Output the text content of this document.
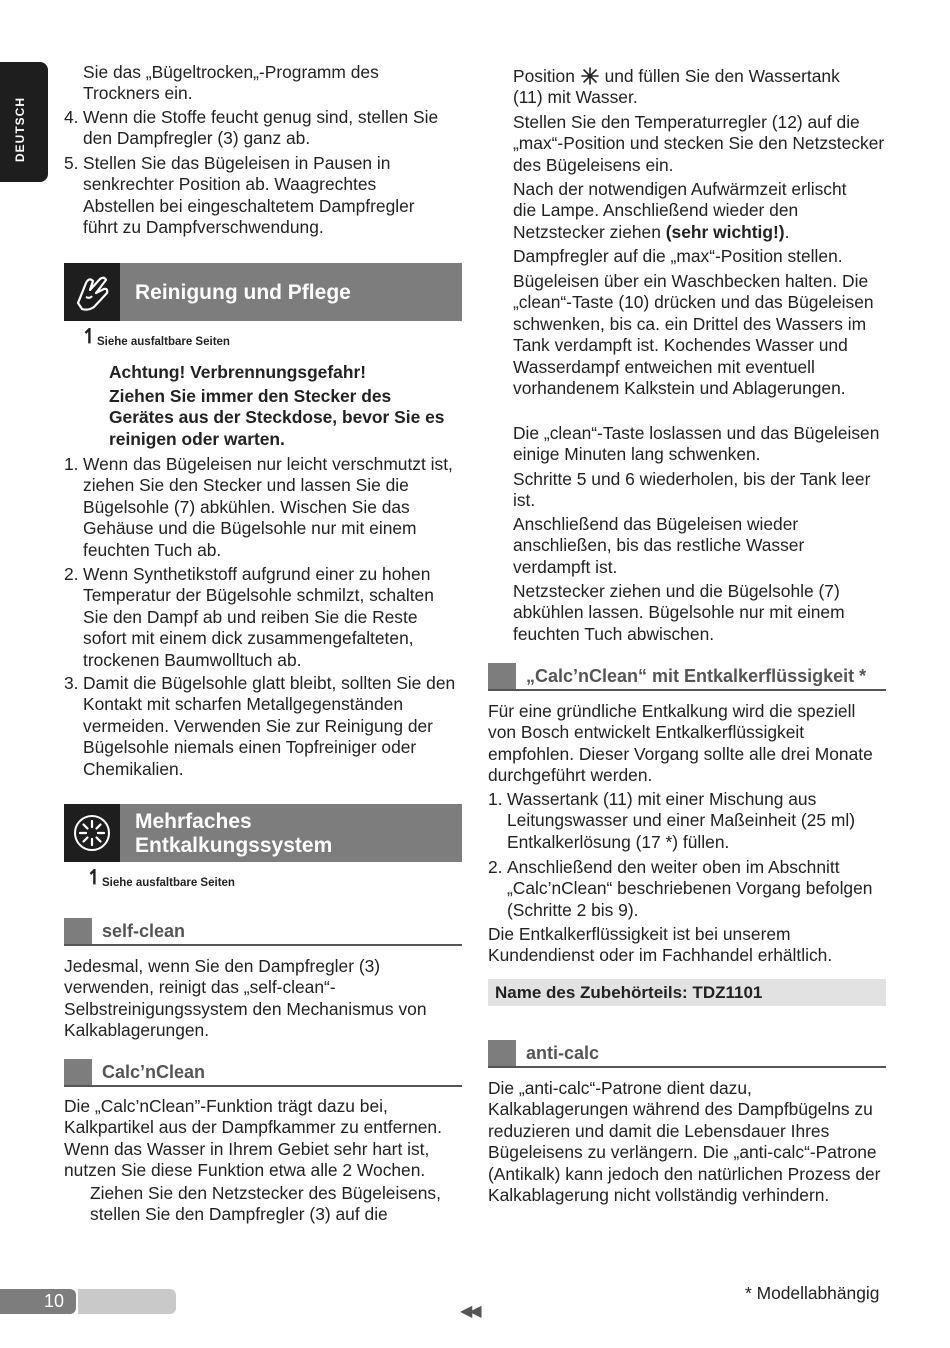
DEUTSCH

Sie das „Bügeltrocken„-Programm des Trockners ein.

4. Wenn die Stoffe feucht genug sind, stellen Sie den Dampfregler (3) ganz ab.

5. Stellen Sie das Bügeleisen in Pausen in senkrechter Position ab. Waagrechtes Abstellen bei eingeschaltetem Dampfregler führt zu Dampfverschwendung.

Reinigung und Pflege
↿ Siehe ausfaltbare Seiten

Achtung! Verbrennungsgefahr!

Ziehen Sie immer den Stecker des Gerätes aus der Steckdose, bevor Sie es reinigen oder warten.

1. Wenn das Bügeleisen nur leicht verschmutzt ist, ziehen Sie den Stecker und lassen Sie die Bügelsohle (7) abkühlen. Wischen Sie das Gehäuse und die Bügelsohle nur mit einem feuchten Tuch ab.

2. Wenn Synthetikstoff aufgrund einer zu hohen Temperatur der Bügelsohle schmilzt, schalten Sie den Dampf ab und reiben Sie die Reste sofort mit einem dick zusammengefalteten, trockenen Baumwolltuch ab.

3. Damit die Bügelsohle glatt bleibt, sollten Sie den Kontakt mit scharfen Metallgegenständen vermeiden. Verwenden Sie zur Reinigung der Bügelsohle niemals einen Topfreiniger oder Chemikalien.

Mehrfaches
Entkalkungssystem
↿ Siehe ausfaltbare Seiten
self-clean

Jedesmal, wenn Sie den Dampfregler (3) verwenden, reinigt das „self-clean“-Selbstreinigungssystem den Mechanismus von Kalkablagerungen.

Calc’nClean

Die „Calc’nClean”-Funktion trägt dazu bei, Kalkpartikel aus der Dampfkammer zu entfernen. Wenn das Wasser in Ihrem Gebiet sehr hart ist, nutzen Sie diese Funktion etwa alle 2 Wochen.

Ziehen Sie den Netzstecker des Bügeleisens, stellen Sie den Dampfregler (3) auf die

Position und füllen Sie den Wassertank (11) mit Wasser.

Stellen Sie den Temperaturregler (12) auf die „max“-Position und stecken Sie den Netzstecker des Bügeleisens ein.

Nach der notwendigen Aufwärmzeit erlischt die Lampe. Anschließend wieder den Netzstecker ziehen (sehr wichtig!).

Dampfregler auf die „max“-Position stellen.

Bügeleisen über ein Waschbecken halten. Die „clean“-Taste (10) drücken und das Bügeleisen schwenken, bis ca. ein Drittel des Wassers im Tank verdampft ist. Kochendes Wasser und Wasserdampf entweichen mit eventuell vorhandenem Kalkstein und Ablagerungen.

Die „clean“-Taste loslassen und das Bügeleisen einige Minuten lang schwenken.

Schritte 5 und 6 wiederholen, bis der Tank leer ist.

Anschließend das Bügeleisen wieder anschließen, bis das restliche Wasser verdampft ist.

Netzstecker ziehen und die Bügelsohle (7) abkühlen lassen. Bügelsohle nur mit einem feuchten Tuch abwischen.

„Calc’nClean“ mit Entkalkerflüssigkeit *

Für eine gründliche Entkalkung wird die speziell von Bosch entwickelt Entkalkerflüssigkeit empfohlen. Dieser Vorgang sollte alle drei Monate durchgeführt werden.

1. Wassertank (11) mit einer Mischung aus Leitungswasser und einer Maßeinheit (25 ml) Entkalkerlösung (17 *) füllen.

2. Anschließend den weiter oben im Abschnitt „Calc’nClean“ beschriebenen Vorgang befolgen (Schritte 2 bis 9).

Die Entkalkerflüssigkeit ist bei unserem Kundendienst oder im Fachhandel erhältlich.

Name des Zubehörteils: TDZ1101
anti-calc

Die „anti-calc“-Patrone dient dazu, Kalkablagerungen während des Dampfbügelns zu reduzieren und damit die Lebensdauer Ihres Bügeleisens zu verlängern. Die „anti-calc“-Patrone (Antikalk) kann jedoch den natürlichen Prozess der Kalkablagerung nicht vollständig verhindern.

10
◀◀

* Modellabhängig
